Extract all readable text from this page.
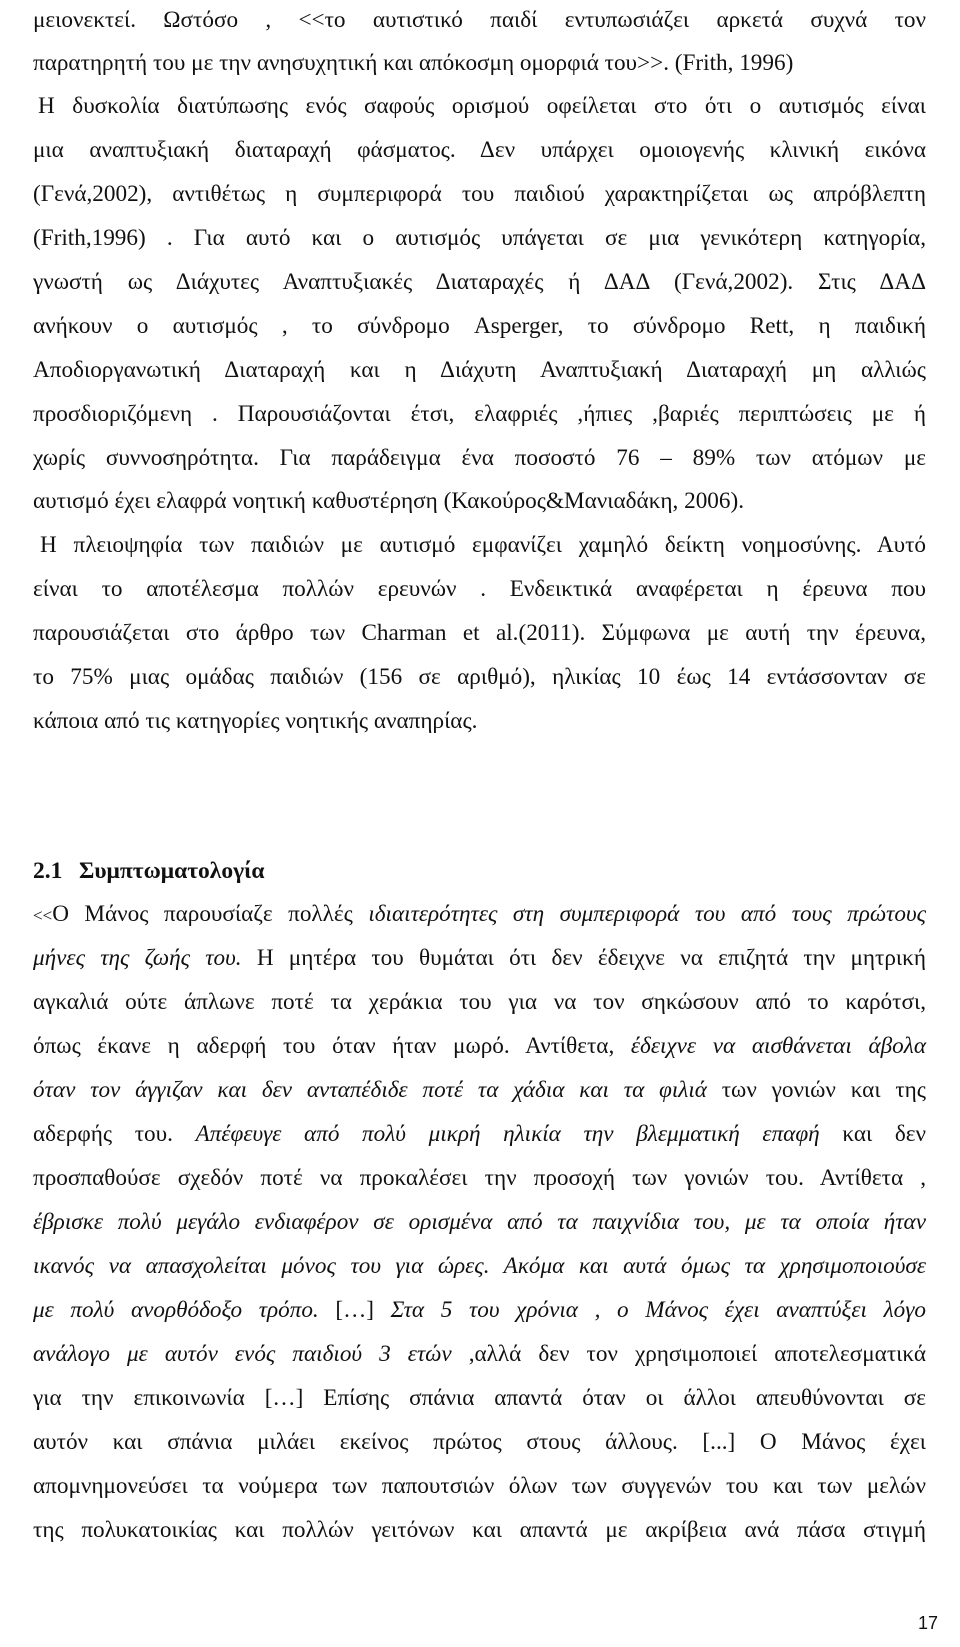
μειονεκτεί. Ωστόσο , <<το αυτιστικό παιδί εντυπωσιάζει αρκετά συχνά τον
παρατηρητή του με την ανησυχητική και απόκοσμη ομορφιά του>>. (Frith, 1996)
Η δυσκολία διατύπωσης ενός σαφούς ορισμού οφείλεται στο ότι ο αυτισμός είναι
μια αναπτυξιακή διαταραχή φάσματος. Δεν υπάρχει ομοιογενής κλινική εικόνα
(Γενά,2002), αντιθέτως η συμπεριφορά του παιδιού χαρακτηρίζεται ως απρόβλεπτη
(Frith,1996) . Για αυτό και ο αυτισμός υπάγεται σε μια γενικότερη κατηγορία,
γνωστή ως Διάχυτες Αναπτυξιακές Διαταραχές ή ΔΑΔ (Γενά,2002). Στις ΔΑΔ
ανήκουν ο αυτισμός , το σύνδρομο Asperger, το σύνδρομο Rett, η παιδική
Αποδιοργανωτική Διαταραχή και η Διάχυτη Αναπτυξιακή Διαταραχή μη αλλιώς
προσδιοριζόμενη . Παρουσιάζονται έτσι, ελαφριές ,ήπιες ,βαριές περιπτώσεις με ή
χωρίς συννοσηρότητα. Για παράδειγμα ένα ποσοστό 76 – 89% των ατόμων με
αυτισμό έχει ελαφρά νοητική καθυστέρηση (Κακούρος&Μανιαδάκη, 2006).
Η πλειοψηφία των παιδιών με αυτισμό εμφανίζει χαμηλό δείκτη νοημοσύνης. Αυτό
είναι το αποτέλεσμα πολλών ερευνών . Ενδεικτικά αναφέρεται η έρευνα που
παρουσιάζεται στο άρθρο των Charman et al.(2011). Σύμφωνα με αυτή την έρευνα,
το 75% μιας ομάδας παιδιών (156 σε αριθμό), ηλικίας 10 έως 14 εντάσσονταν σε
κάποια από τις κατηγορίες νοητικής αναπηρίας.
2.1 Συμπτωματολογία
<<Ο Μάνος παρουσίαζε πολλές ιδιαιτερότητες στη συμπεριφορά του από τους πρώτους
μήνες της ζωής του. Η μητέρα του θυμάται ότι δεν έδειχνε να επιζητά την μητρική
αγκαλιά ούτε άπλωνε ποτέ τα χεράκια του για να τον σηκώσουν από το καρότσι,
όπως έκανε η αδερφή του όταν ήταν μωρό. Αντίθετα, έδειχνε να αισθάνεται άβολα
όταν τον άγγιζαν και δεν ανταπέδιδε ποτέ τα χάδια και τα φιλιά των γονιών και της
αδερφής του. Απέφευγε από πολύ μικρή ηλικία την βλεμματική επαφή και δεν
προσπαθούσε σχεδόν ποτέ να προκαλέσει την προσοχή των γονιών του. Αντίθετα ,
έβρισκε πολύ μεγάλο ενδιαφέρον σε ορισμένα από τα παιχνίδια του, με τα οποία ήταν
ικανός να απασχολείται μόνος του για ώρες. Ακόμα και αυτά όμως τα χρησιμοποιούσε
με πολύ ανορθόδοξο τρόπο. […] Στα 5 του χρόνια , ο Μάνος έχει αναπτύξει λόγο
ανάλογο με αυτόν ενός παιδιού 3 ετών ,αλλά δεν τον χρησιμοποιεί αποτελεσματικά
για την επικοινωνία […] Επίσης σπάνια απαντά όταν οι άλλοι απευθύνονται σε
αυτόν και σπάνια μιλάει εκείνος πρώτος στους άλλους. [...] Ο Μάνος έχει
απομνημονεύσει τα νούμερα των παπουτσιών όλων των συγγενών του και των μελών
της πολυκατοικίας και πολλών γειτόνων και απαντά με ακρίβεια ανά πάσα στιγμή
17
